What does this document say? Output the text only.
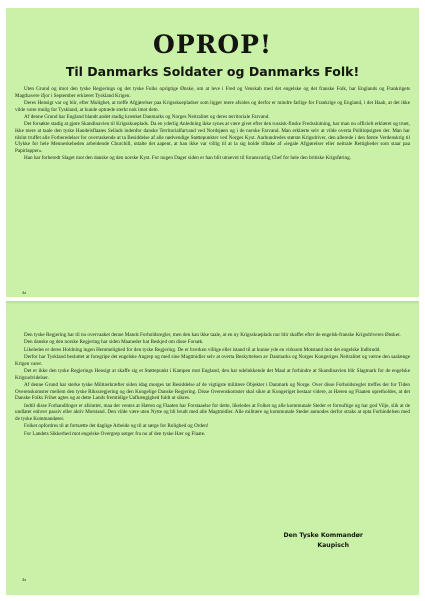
OPROP!
Til Danmarks Soldater og Danmarks Folk!

Uten Grund og imot den tyske Regjerings og det tyske Folks oprigtige Ønske, om at leve i Fred og Venskab med det engelske og det franske Folk, har Englands og Frankrigets Magthavere ifjor i September erklæret Tyskland Krigen.

Deres Hensigt var og blir, efter Mulighet, at treffe Afgjørelser paa Krigsskuepladser som ligger mere afsides og derfor er mindre farlige for Frankrige og England, i det Haab, at det ikke vilde være mulig for Tyskland, at kunde optræde sterkt nok imot dem.

Af denne Grund har England blandt andet stadig krænket Danmarks og Norges Neitralitet og deres territoriale Farvand.

Det forsøkte stadig at gjøre Skandinavien til Krigsskueplads. Da en yderlig Anledning ikke synes at være givet efter den russisk-finske Fredsslutning, har man nu officielt erklæret og truet, ikke mere at taale den tyske Handelsflaates Seilads indenfor danske Territorialfarvand ved Nordsjøen og i de norske Farvand. Man erklærte selv at vilde overta Politiopsigten der. Man har tilslut truffet alle Forberedelser for overraskende at ta Besiddelse af alle nødvendige Støttepunkter ved Norges Kyst. Aarhundredes største Krigsdriver, den allerede i den første Verdenskrig til Ulykke for hele Menneskeheden arbeidende Churchill, uttalte det aapent, at han ikke var villig til at la sig holde tilbake af »legale Afgjørelser eller neitrale Rettigheder som staar paa Papirlapper«.

Han har forberedt Slaget mot den danske og den norske Kyst. For nogen Dager siden er han blit utnævnt til foransvarlig Chef for hele den britiske Krigsføring.

4a

Den tyske Regjering har til nu overvaaket denne Mands Forholdsregler, men den kan ikke taale, at en ny Krigsskueplads nur blir skaffet efter de engelsk-franske Krigsdriveres Ønsker.

Den danske og den norske Regjering har siden Maaneder hat Beskjed om disse Forsøk.

Likeledes er deres Holdning ingen Hemmelighed for den tyske Regjering. De er hverken villige eller istand til at kunne yde en virksom Motstand mot det engelske Indbrudd.

Derfor har Tyskland besluttet at foregripe det engelske Angrep og med sine Magtmidler selv at overta Beskyttelsen av Danmarks og Norges Kongeriges Neitralitet og værne den saalænge Krigen varer.

Det er ikke den tyske Regjerings Hensigt at skaffe sig et Støttepunkt i Kampen mot England, den har udelukkende det Maal at forhindre at Skandinavien blir Slagmark for de engelske Krigsudvidelser.

Af denne Grund har sterke tyske Militærkræfter siden idag morges tat Besiddelse af de vigtigste militære Objekter i Danmark og Norge. Over disse Forholdsregler treffes der for Tiden Overenskomster mellem den tyske Rikssregjering og den Kongelige Danske Regjering. Disse Overenskomster skal sikre at Kongeriget bestaar videre, at Hæren og Flaaten opretholdes, at det Danske Folks Frihet agtes og at dette Lands fremtidige Uafhængighed fuldt ut sikres.

Indtil disse Forhandlinger er afsluttet, maa der ventes at Hæren og Flaaten har Forstaaelse for dette, likeledes at Folket og alle kommunale Steder er fornuftige og har god Vilje, slik at de undlater enhver passiv eller aktiv Motstand. Den vilde være uten Nytte og bli brudt med alle Magtmidler. Alle militære og kommunale Steder anmodes derfor straks at opta Forbindelsen med de tyske Kommandører.

Folket opfordres til at fortsætte det daglige Arbeide og til at sørge for Rolighed og Orden!

For Landets Sikkerhed mot engelske Overgrep sørger fra nu af den tyske Hær og Flaate.

Den Tyske Kommandør
Kaupisch
4a
